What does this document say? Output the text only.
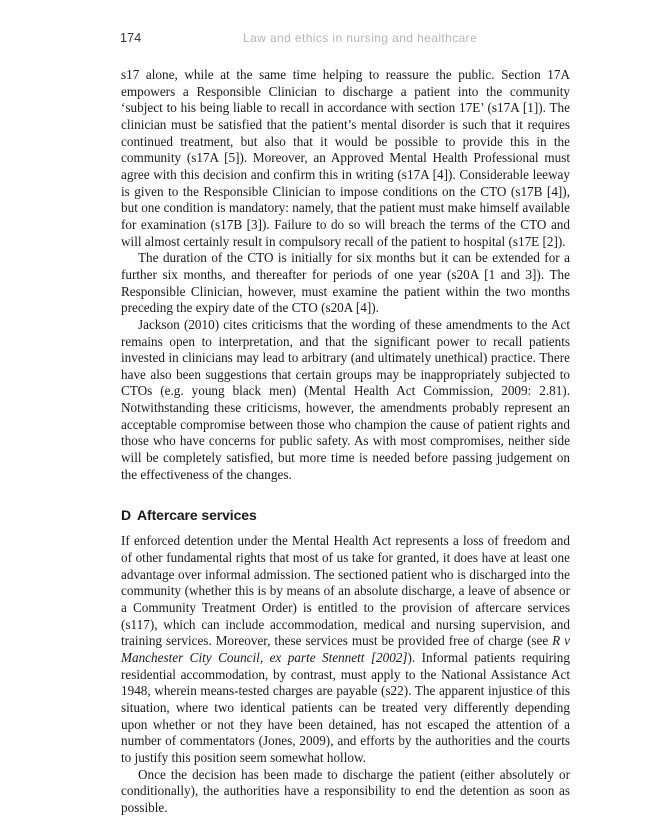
174	Law and ethics in nursing and healthcare

s17 alone, while at the same time helping to reassure the public. Section 17A empowers a Responsible Clinician to discharge a patient into the community ‘subject to his being liable to recall in accordance with section 17E’ (s17A [1]). The clinician must be satisfied that the patient’s mental disorder is such that it requires continued treatment, but also that it would be possible to provide this in the community (s17A [5]). Moreover, an Approved Mental Health Professional must agree with this decision and confirm this in writing (s17A [4]). Considerable leeway is given to the Responsible Clinician to impose conditions on the CTO (s17B [4]), but one condition is mandatory: namely, that the patient must make himself available for examination (s17B [3]). Failure to do so will breach the terms of the CTO and will almost certainly result in compulsory recall of the patient to hospital (s17E [2]).

The duration of the CTO is initially for six months but it can be extended for a further six months, and thereafter for periods of one year (s20A [1 and 3]). The Responsible Clinician, however, must examine the patient within the two months preceding the expiry date of the CTO (s20A [4]).

Jackson (2010) cites criticisms that the wording of these amendments to the Act remains open to interpretation, and that the significant power to recall patients invested in clinicians may lead to arbitrary (and ultimately unethical) practice. There have also been suggestions that certain groups may be inappropriately subjected to CTOs (e.g. young black men) (Mental Health Act Commission, 2009: 2.81). Notwithstanding these criticisms, however, the amendments probably represent an acceptable compromise between those who champion the cause of patient rights and those who have concerns for public safety. As with most compromises, neither side will be completely satisfied, but more time is needed before passing judgement on the effectiveness of the changes.

D Aftercare services

If enforced detention under the Mental Health Act represents a loss of freedom and of other fundamental rights that most of us take for granted, it does have at least one advantage over informal admission. The sectioned patient who is discharged into the community (whether this is by means of an absolute discharge, a leave of absence or a Community Treatment Order) is entitled to the provision of aftercare services (s117), which can include accommodation, medical and nursing supervision, and training services. Moreover, these services must be provided free of charge (see R v Manchester City Council, ex parte Stennett [2002]). Informal patients requiring residential accommodation, by contrast, must apply to the National Assistance Act 1948, wherein means-tested charges are payable (s22). The apparent injustice of this situation, where two identical patients can be treated very differently depending upon whether or not they have been detained, has not escaped the attention of a number of commentators (Jones, 2009), and efforts by the authorities and the courts to justify this position seem somewhat hollow.

Once the decision has been made to discharge the patient (either absolutely or conditionally), the authorities have a responsibility to end the detention as soon as possible.
